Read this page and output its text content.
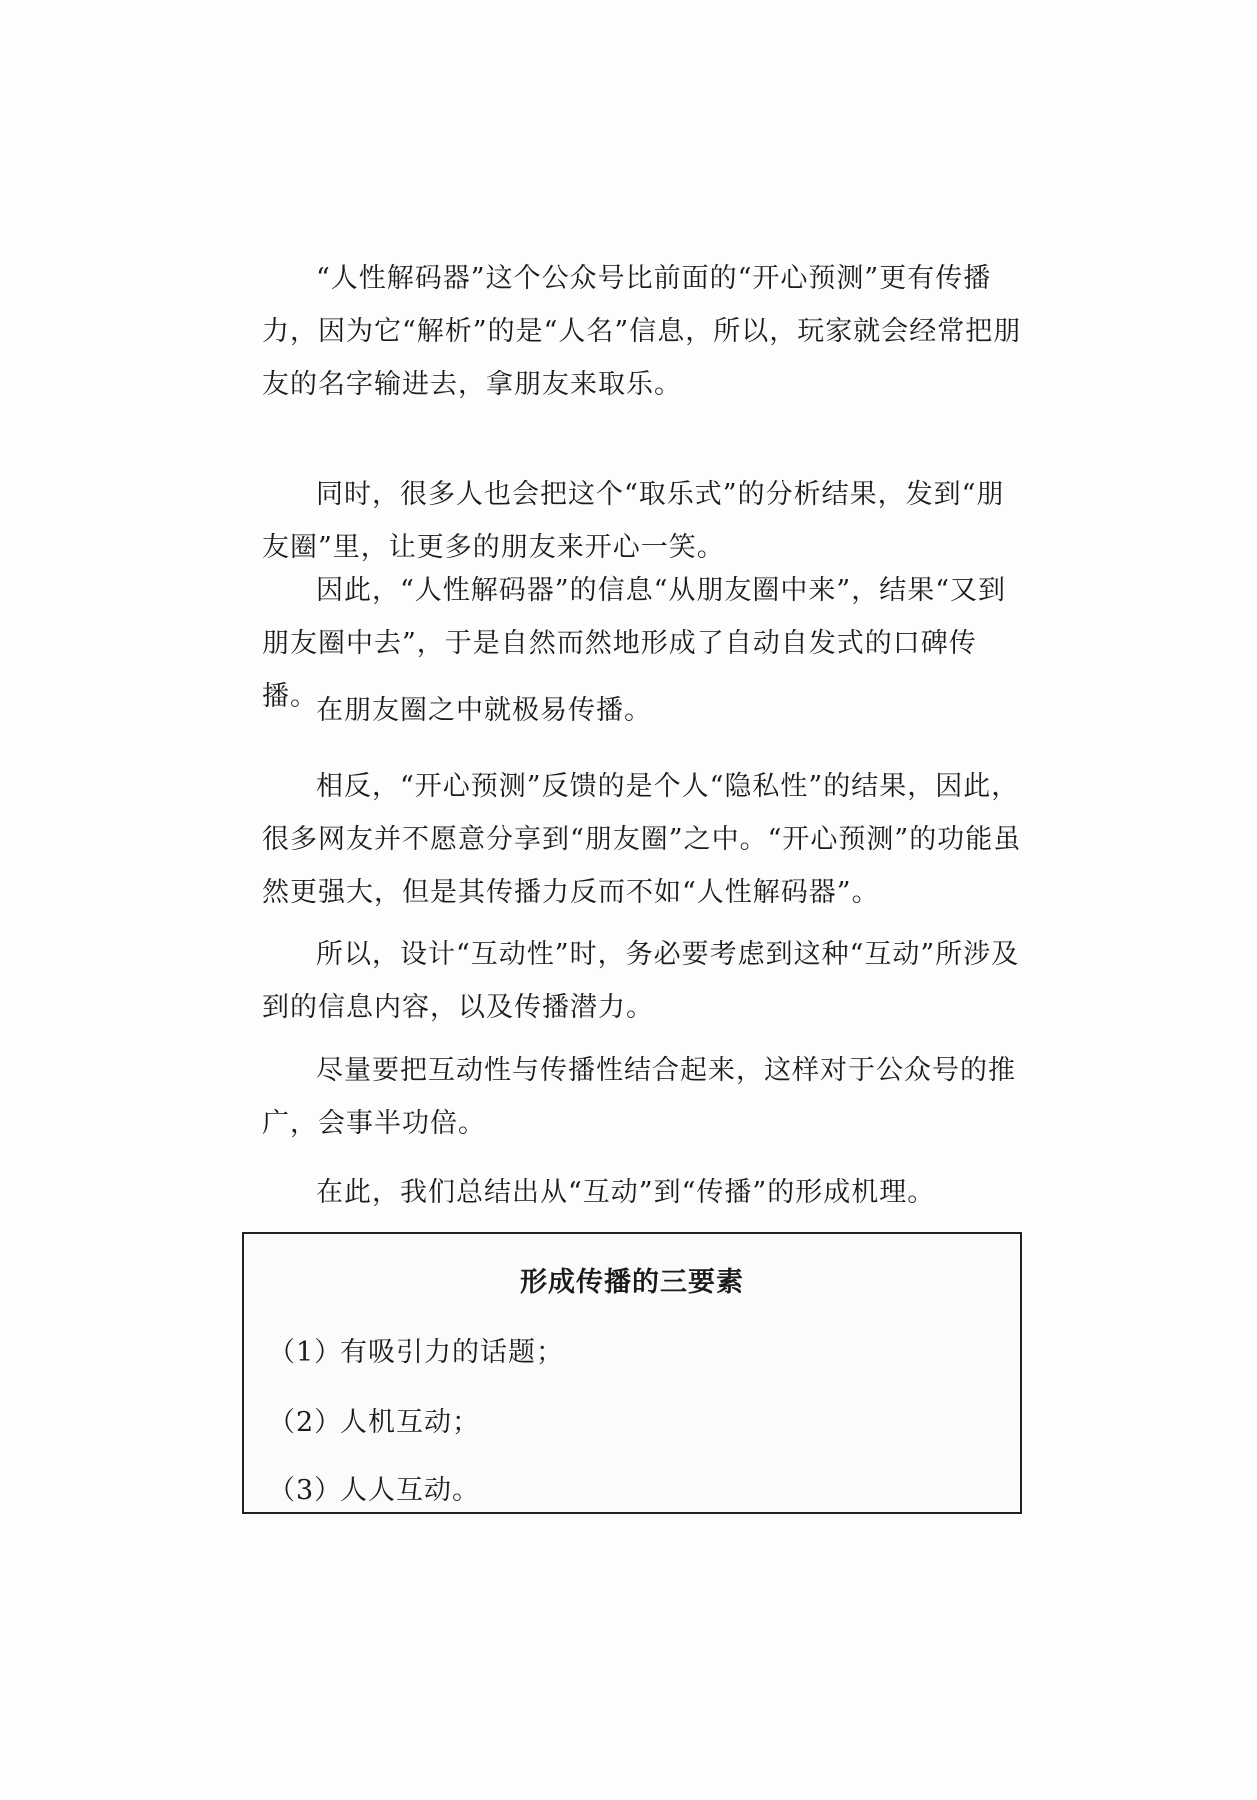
“人性解码器”这个公众号比前面的“开心预测”更有传播力，因为它“解析”的是“人名”信息，所以，玩家就会经常把朋友的名字输进去，拿朋友来取乐。

同时，很多人也会把这个“取乐式”的分析结果，发到“朋友圈”里，让更多的朋友来开心一笑。

因此，“人性解码器”的信息“从朋友圈中来”，结果“又到朋友圈中去”，于是自然而然地形成了自动自发式的口碑传播。

在朋友圈之中就极易传播。

相反，“开心预测”反馈的是个人“隐私性”的结果，因此，很多网友并不愿意分享到“朋友圈”之中。“开心预测”的功能虽然更强大，但是其传播力反而不如“人性解码器”。

所以，设计“互动性”时，务必要考虑到这种“互动”所涉及到的信息内容，以及传播潜力。

尽量要把互动性与传播性结合起来，这样对于公众号的推广，会事半功倍。

在此，我们总结出从“互动”到“传播”的形成机理。

形成传播的三要素
（1）
有吸引力的话题；
（2）
人机互动；
（3）
人人互动。
